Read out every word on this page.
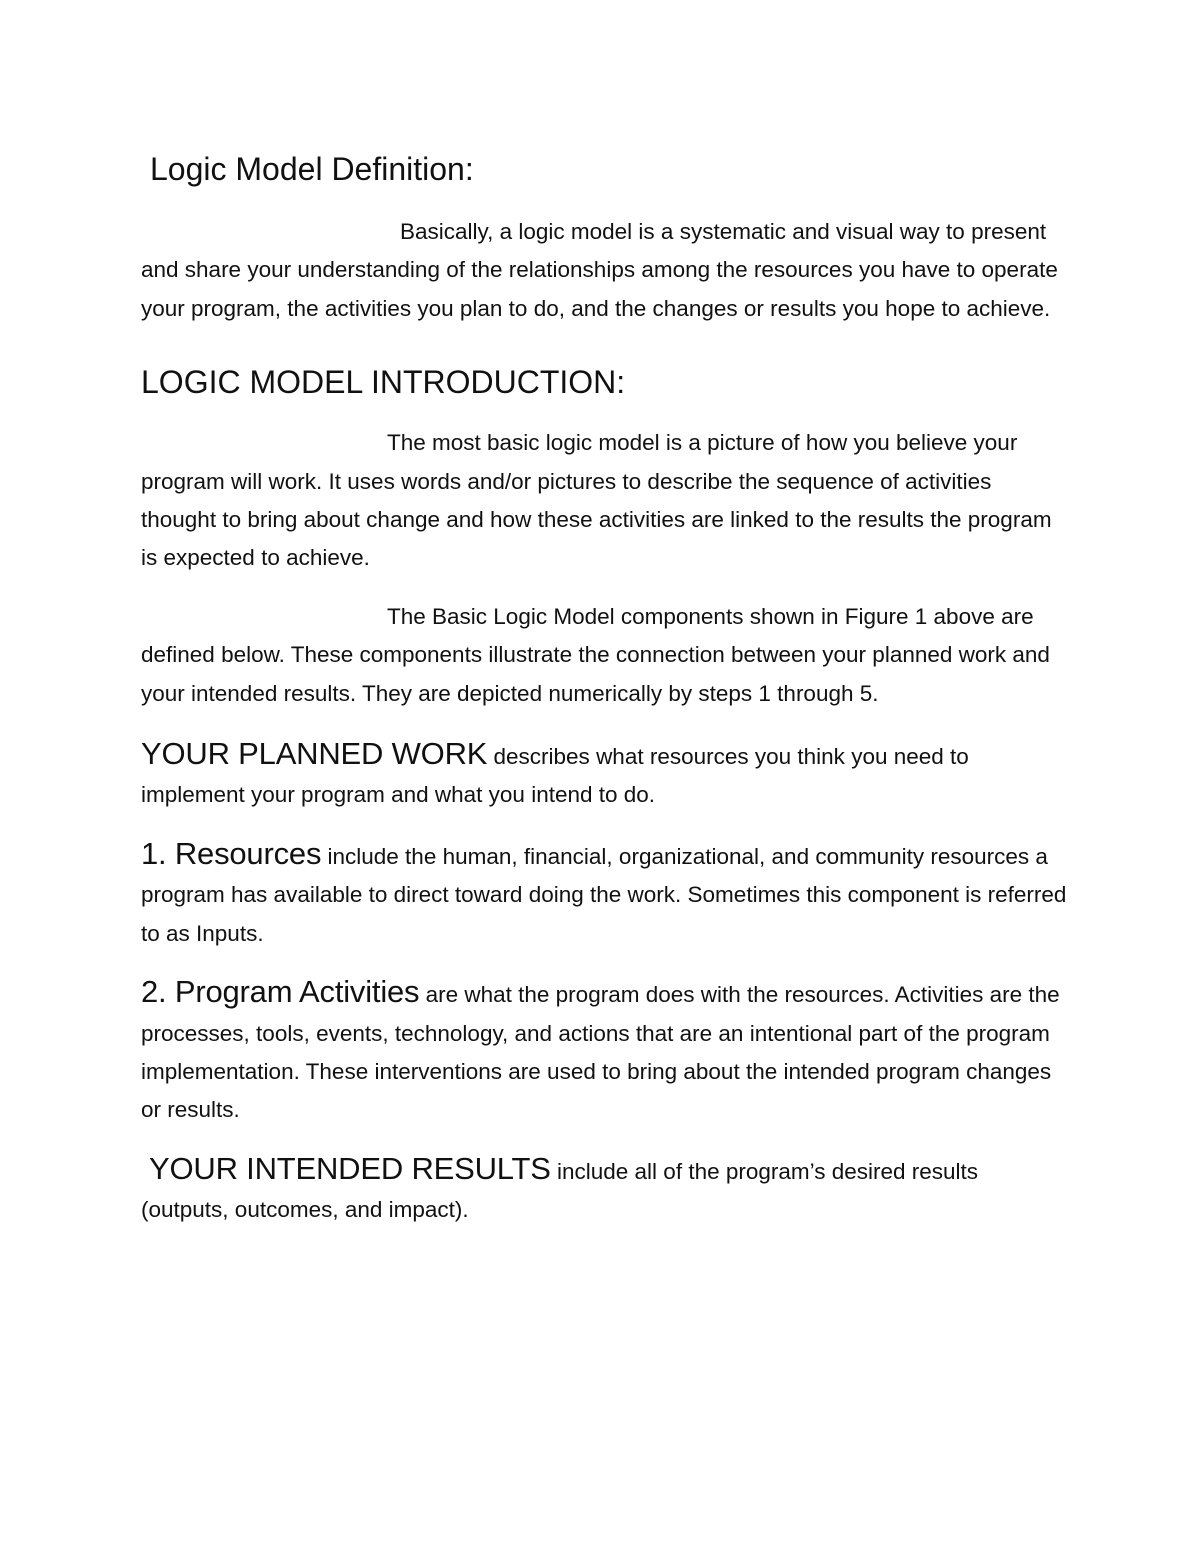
Logic Model Definition:

Basically, a logic model is a systematic and visual way to present and share your understanding of the relationships among the resources you have to operate your program, the activities you plan to do, and the changes or results you hope to achieve.

LOGIC MODEL INTRODUCTION:

The most basic logic model is a picture of how you believe your program will work. It uses words and/or pictures to describe the sequence of activities thought to bring about change and how these activities are linked to the results the program is expected to achieve.

The Basic Logic Model components shown in Figure 1 above are defined below. These components illustrate the connection between your planned work and your intended results. They are depicted numerically by steps 1 through 5.

YOUR PLANNED WORK describes what resources you think you need to implement your program and what you intend to do.

1. Resources include the human, financial, organizational, and community resources a program has available to direct toward doing the work. Sometimes this component is referred to as Inputs.

2. Program Activities are what the program does with the resources. Activities are the processes, tools, events, technology, and actions that are an intentional part of the program implementation. These interventions are used to bring about the intended program changes or results.

YOUR INTENDED RESULTS include all of the program’s desired results (outputs, outcomes, and impact).
